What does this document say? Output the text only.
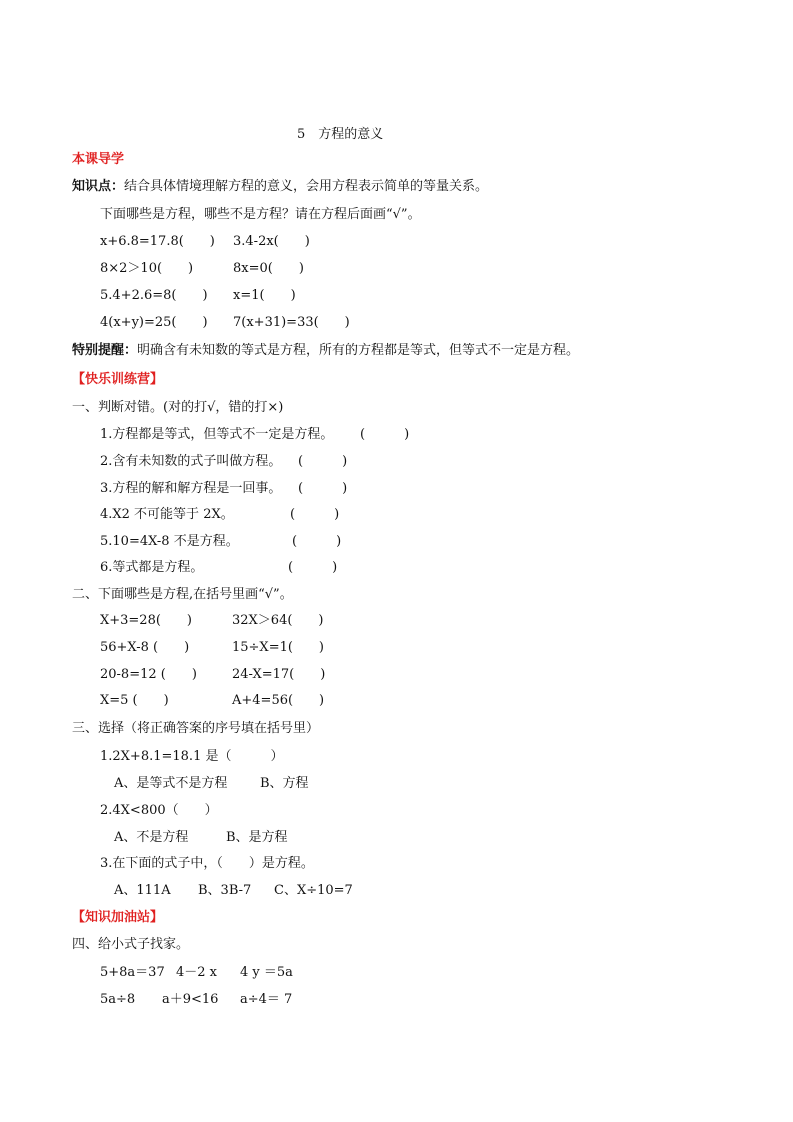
5　方程的意义
本课导学
知识点：结合具体情境理解方程的意义，会用方程表示简单的等量关系。
下面哪些是方程，哪些不是方程？请在方程后面画“√”。
特别提醒：明确含有未知数的等式是方程，所有的方程都是等式，但等式不一定是方程。
【快乐训练营】
一、判断对错。(对的打√，错的打×)
二、下面哪些是方程,在括号里画“√”。
三、选择（将正确答案的序号填在括号里）
【知识加油站】
四、给小式子找家。
x+6.8=17.8(　　) 3.4-2x(　　)
8×2＞10(　　)	8x=0(　　)
5.4+2.6=8(　　) x=1(　　)
4(x+y)=25(　　) 7(x+31)=33(　　)
1.方程都是等式，但等式不一定是方程。 (　　　)
2.含有未知数的式子叫做方程。 (　　　)
3.方程的解和解方程是一回事。 (　　　)
4.X2 不可能等于 2X。	(　　　)
5.10=4X-8 不是方程。	(　　　)
6.等式都是方程。	(　　　)
X+3=28(　　)	32X＞64(　　)
56+X-8 (　　)	15÷X=1(　　)
20-8=12 (　　)	24-X=17(　　)
X=5 (　　)	A+4=56(　　)
1.2X+8.1=18.1 是（　　　）
A、是等式不是方程	B、方程
2.4X<800（　　）
A、不是方程	B、是方程
3.在下面的式子中，（　　）是方程。
A、111A B、3B-7 C、X÷10=7
5+8a＝37 4－2 x 4 y ＝5a
5a÷8 a＋9<16 a÷4＝ 7
